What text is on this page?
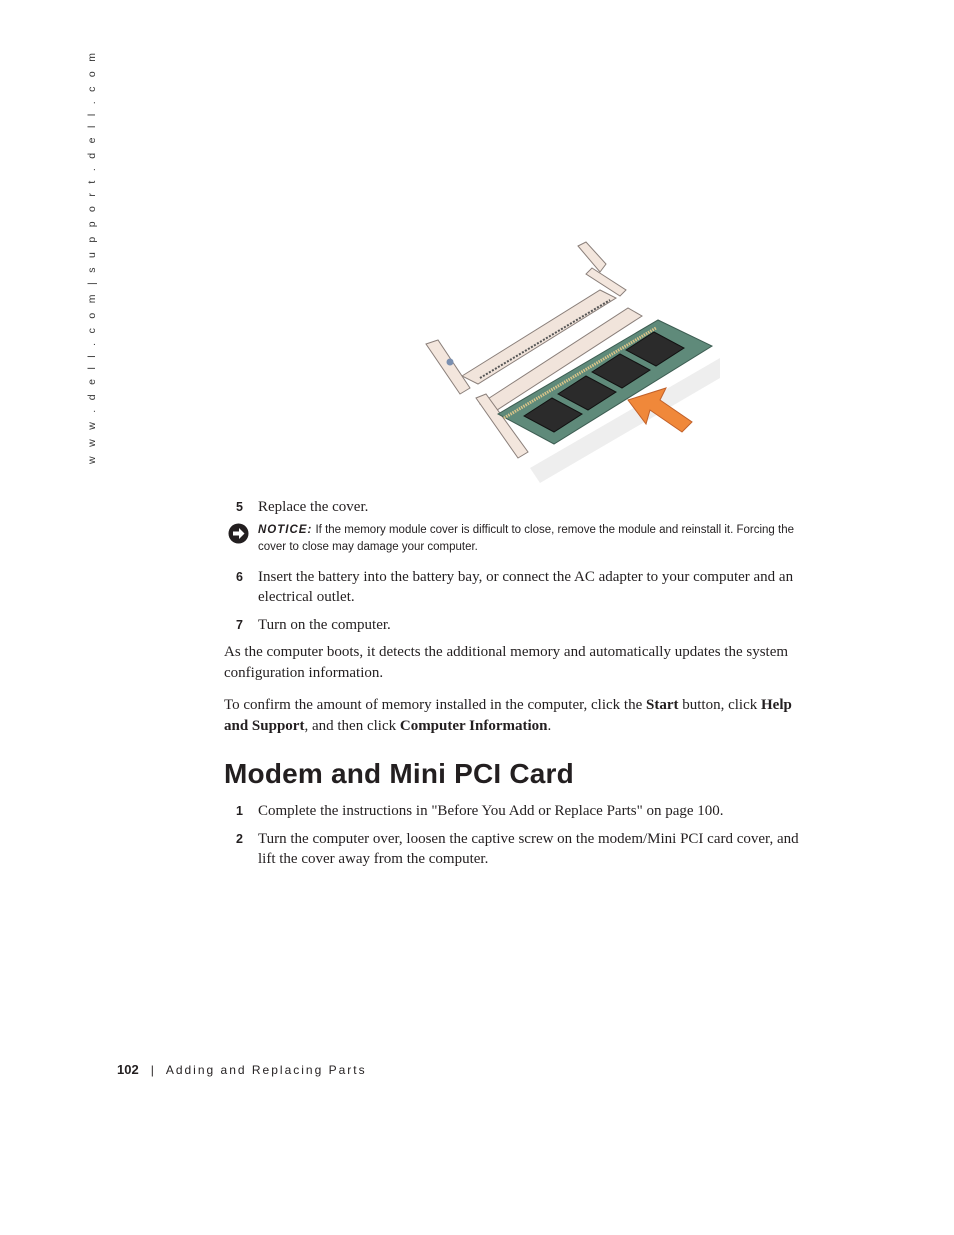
w w w . d e l l . c o m | s u p p o r t . d e l l . c o m
5 Replace the cover.
NOTICE: If the memory module cover is difficult to close, remove the module and reinstall it. Forcing the cover to close may damage your computer.
6 Insert the battery into the battery bay, or connect the AC adapter to your computer and an electrical outlet.
7 Turn on the computer.

As the computer boots, it detects the additional memory and automatically updates the system configuration information.

To confirm the amount of memory installed in the computer, click the Start button, click Help and Support, and then click Computer Information.

Modem and Mini PCI Card
1 Complete the instructions in "Before You Add or Replace Parts" on page 100.
2 Turn the computer over, loosen the captive screw on the modem/Mini PCI card cover, and lift the cover away from the computer.
102 | Adding and Replacing Parts
